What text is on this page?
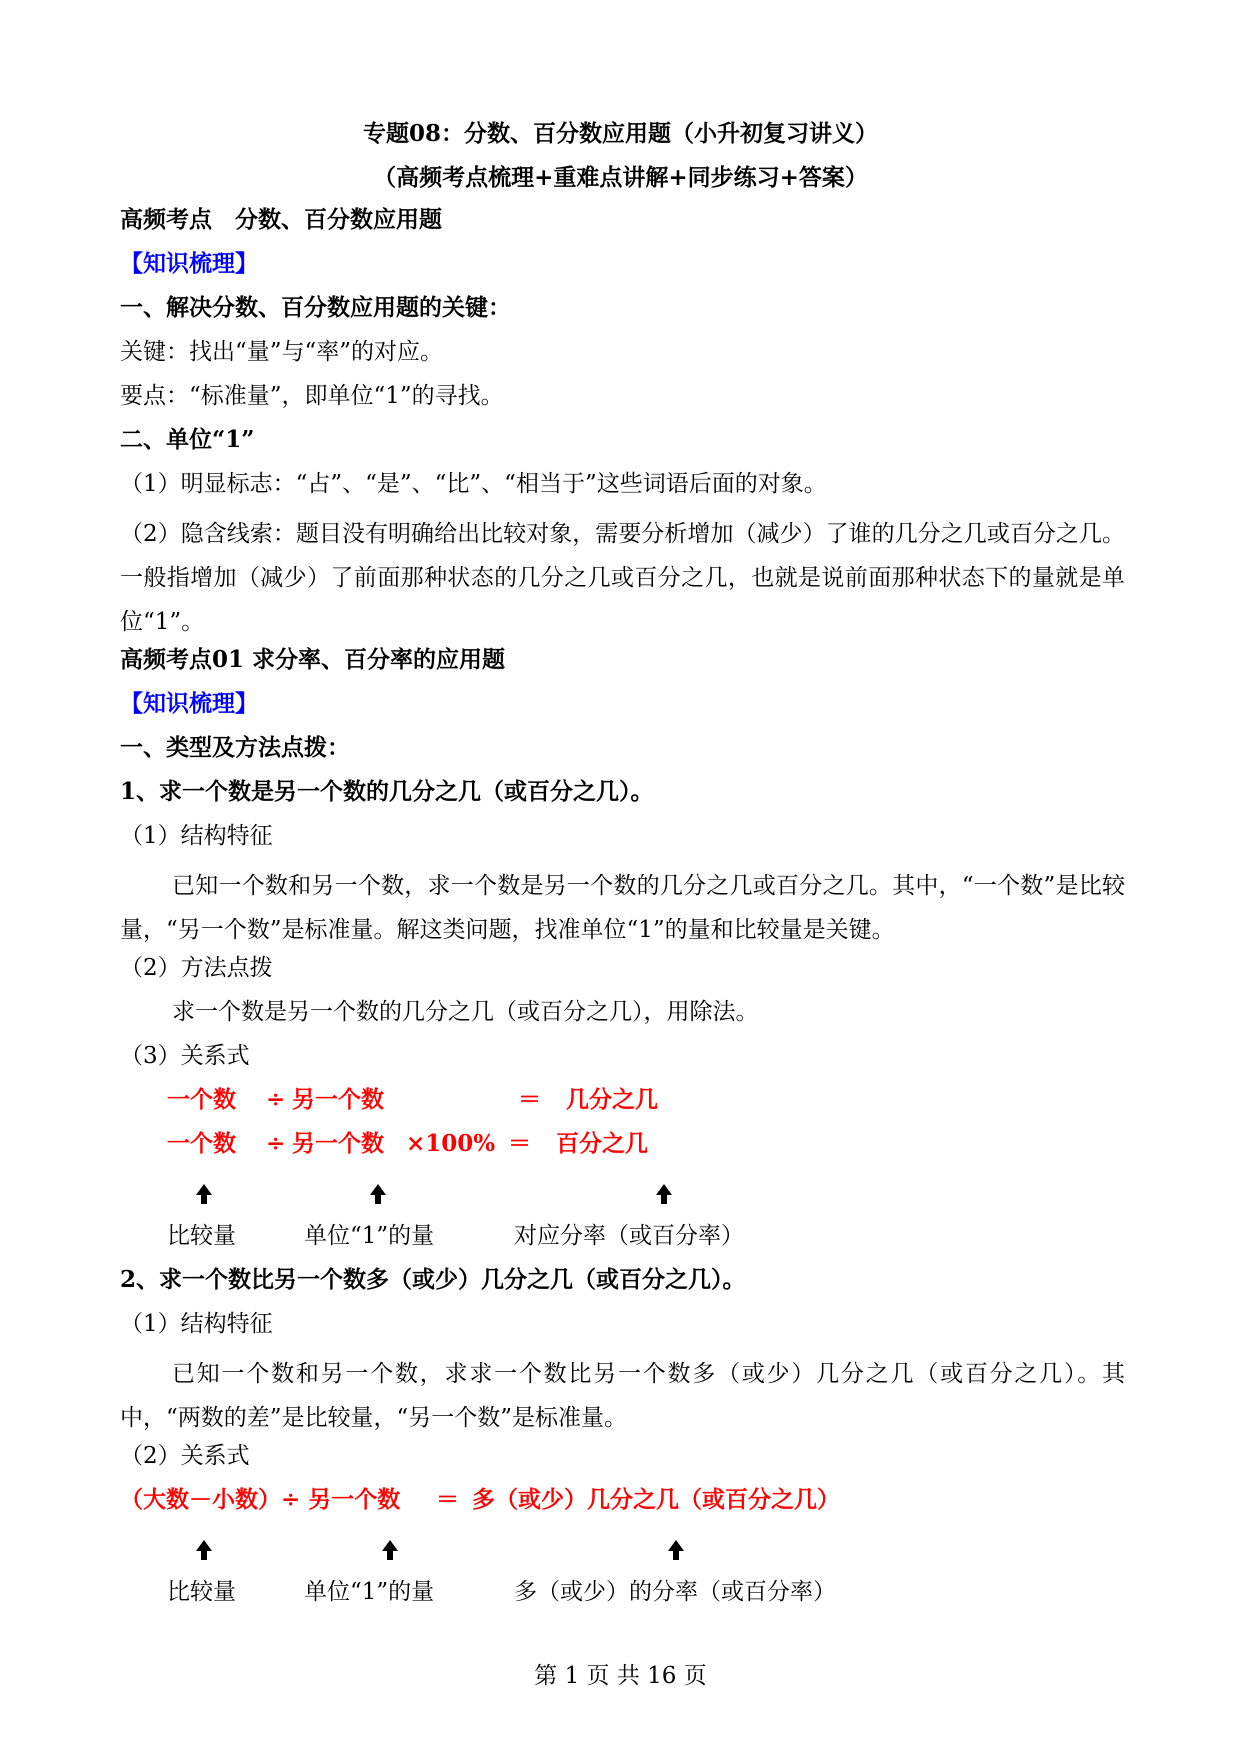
专题08：分数、百分数应用题（小升初复习讲义）
（高频考点梳理+重难点讲解+同步练习+答案）
高频考点　分数、百分数应用题
【知识梳理】
一、解决分数、百分数应用题的关键：
关键：找出“量”与“率”的对应。
要点：“标准量”，即单位“1”的寻找。
二、单位“1”
（1）明显标志：“占”、“是”、“比”、“相当于”这些词语后面的对象。
（2）隐含线索：题目没有明确给出比较对象，需要分析增加（减少）了谁的几分之几或百分之几。一般指增加（减少）了前面那种状态的几分之几或百分之几，也就是说前面那种状态下的量就是单位“1”。
高频考点01 求分率、百分率的应用题
【知识梳理】
一、类型及方法点拨：
1、求一个数是另一个数的几分之几（或百分之几）。
（1）结构特征
已知一个数和另一个数，求一个数是另一个数的几分之几或百分之几。其中，“一个数”是比较量，“另一个数”是标准量。解这类问题，找准单位“1”的量和比较量是关键。
（2）方法点拨
求一个数是另一个数的几分之几（或百分之几），用除法。
（3）关系式
一个数 ÷ 另一个数	＝ 几分之几
一个数 ÷ 另一个数 ×100% ＝ 百分之几
比较量	单位“1”的量	对应分率（或百分率）
2、求一个数比另一个数多（或少）几分之几（或百分之几）。
（1）结构特征
已知一个数和另一个数，求求一个数比另一个数多（或少）几分之几（或百分之几）。其中，“两数的差”是比较量，“另一个数”是标准量。
（2）关系式
（大数－小数）÷ 另一个数 ＝ 多（或少）几分之几（或百分之几）
比较量	单位“1”的量	多（或少）的分率（或百分率）
第 1 页 共 16 页
